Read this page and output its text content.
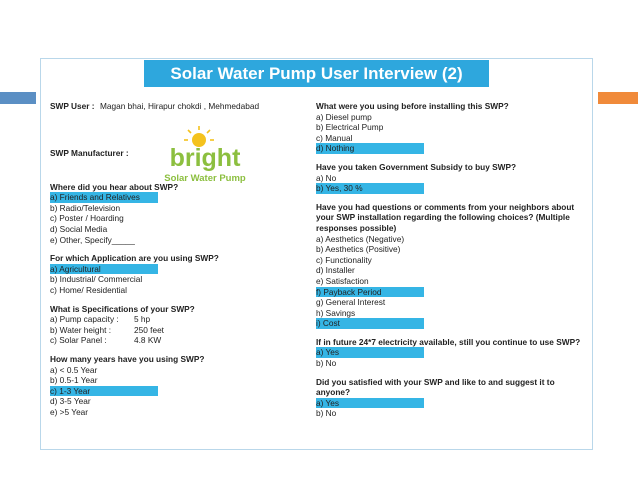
Solar Water Pump User Interview (2)
SWP User : Magan bhai, Hirapur chokdi , Mehmedabad
Where did you hear about SWP?
a) Friends and Relatives
b) Radio/Television
c) Poster / Hoarding
d) Social Media
e) Other, Specify_____
For which Application are you using SWP?
a) Agricultural
b) Industrial/ Commercial
c) Home/ Residential
What is Specifications of your SWP?
a) Pump capacity :	5 hp
b) Water height :	250 feet
c) Solar Panel :	4.8 KW
How many years have you using SWP?
a) < 0.5 Year
b) 0.5-1 Year
c) 1-3 Year
d) 3-5 Year
e) >5 Year
SWP Manufacturer : bright
Solar Water Pump
What were you using before installing this SWP?
a) Diesel pump
b) Electrical Pump
c) Manual
d) Nothing
Have you taken Government Subsidy to buy SWP?
a) No
b) Yes, 30 %
Have you had questions or comments from your neighbors about your SWP installation regarding the following choices? (Multiple responses possible)
a) Aesthetics (Negative)
b) Aesthetics (Positive)
c) Functionality
d) Installer
e) Satisfaction
f) Payback Period
g) General Interest
h) Savings
i) Cost
If in future 24*7 electricity available, still you continue to use SWP?
a) Yes
b) No
Did you satisfied with your SWP and like to and suggest it to anyone?
a) Yes
b) No
